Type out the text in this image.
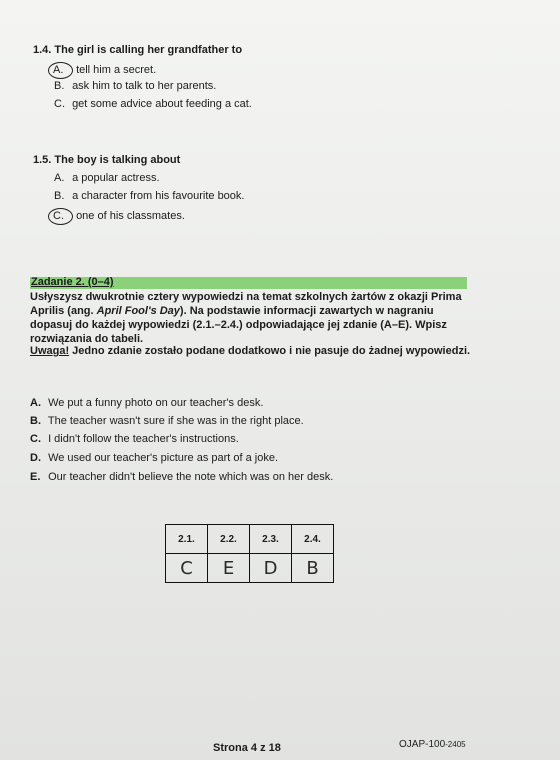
1.4. The girl is calling her grandfather to
A. tell him a secret.
B. ask him to talk to her parents.
C. get some advice about feeding a cat.
1.5. The boy is talking about
A. a popular actress.
B. a character from his favourite book.
C. one of his classmates.
Zadanie 2. (0–4)
Usłyszysz dwukrotnie cztery wypowiedzi na temat szkolnych żartów z okazji Prima Aprilis (ang. April Fool's Day). Na podstawie informacji zawartych w nagraniu dopasuj do każdej wypowiedzi (2.1.–2.4.) odpowiadające jej zdanie (A–E). Wpisz rozwiązania do tabeli.
Uwaga! Jedno zdanie zostało podane dodatkowo i nie pasuje do żadnej wypowiedzi.
A. We put a funny photo on our teacher's desk.
B. The teacher wasn't sure if she was in the right place.
C. I didn't follow the teacher's instructions.
D. We used our teacher's picture as part of a joke.
E. Our teacher didn't believe the note which was on her desk.
2.1.	2.2.	2.3.	2.4.
C	E	D	B
Strona 4 z 18	OJAP-100-2405
